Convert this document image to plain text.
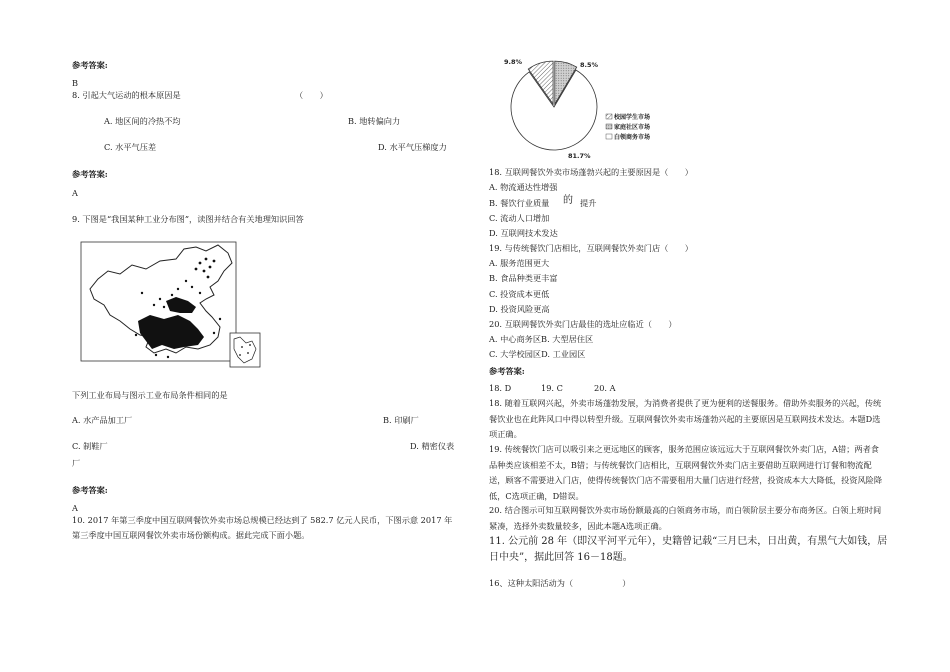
参考答案:
B
8. 引起大气运动的根本原因是	（　　）
A. 地区间的冷热不均	B. 地转偏向力
C. 水平气压差	D. 水平气压梯度力
参考答案:
A
9. 下图是“我国某种工业分布图”，读图并结合有关地理知识回答
下列工业布局与图示工业布局条件相同的是
A. 水产品加工厂	B. 印刷厂
C. 制鞋厂	D. 精密仪表
厂
参考答案:
A
10. 2017 年第三季度中国互联网餐饮外卖市场总规模已经达到了 582.7 亿元人民币，下图示意 2017 年
第三季度中国互联网餐饮外卖市场份额构成。据此完成下面小题。
9.8%	8.5%
81.7%
校园学生市场
家庭社区市场
白领商务市场
18. 互联网餐饮外卖市场蓬勃兴起的主要原因是（　　）
A. 物流通达性增强
B. 餐饮行业质量 的 提升
C. 流动人口增加
D. 互联网技术发达
19. 与传统餐饮门店相比，互联网餐饮外卖门店（　　）
A. 服务范围更大
B. 食品种类更丰富
C. 投资成本更低
D. 投资风险更高
20. 互联网餐饮外卖门店最佳的选址应临近（　　）
A. 中心商务区B. 大型居住区
C. 大学校园区D. 工业园区
参考答案:
18. D	19. C	20. A
18. 随着互联网兴起，外卖市场蓬勃发展，为消费者提供了更为便利的送餐服务。借助外卖服务的兴起，传统餐饮业也在此阵风口中得以转型升级。互联网餐饮外卖市场蓬勃兴起的主要原因是互联网技术发达。本题D选项正确。
19. 传统餐饮门店可以吸引来之更远地区的顾客，服务范围应该远远大于互联网餐饮外卖门店，A错；两者食品种类应该相差不太，B错；与传统餐饮门店相比，互联网餐饮外卖门店主要借助互联网进行订餐和物流配送，顾客不需要进入门店，使得传统餐饮门店不需要租用大量门店进行经营，投资成本大大降低，投资风险降低，C选项正确，D错误。
20. 结合图示可知互联网餐饮外卖市场份额最高的白领商务市场，而白领阶层主要分布商务区。白领上班时间紧凑，选择外卖数量较多，因此本题A选项正确。
11. 公元前 28 年（即汉平河平元年），史籍曾记载“三月巳未，日出黄，有黑气大如钱，居
日中央”，据此回答 16－18题。
16、这种太阳活动为（　　　　　　）
